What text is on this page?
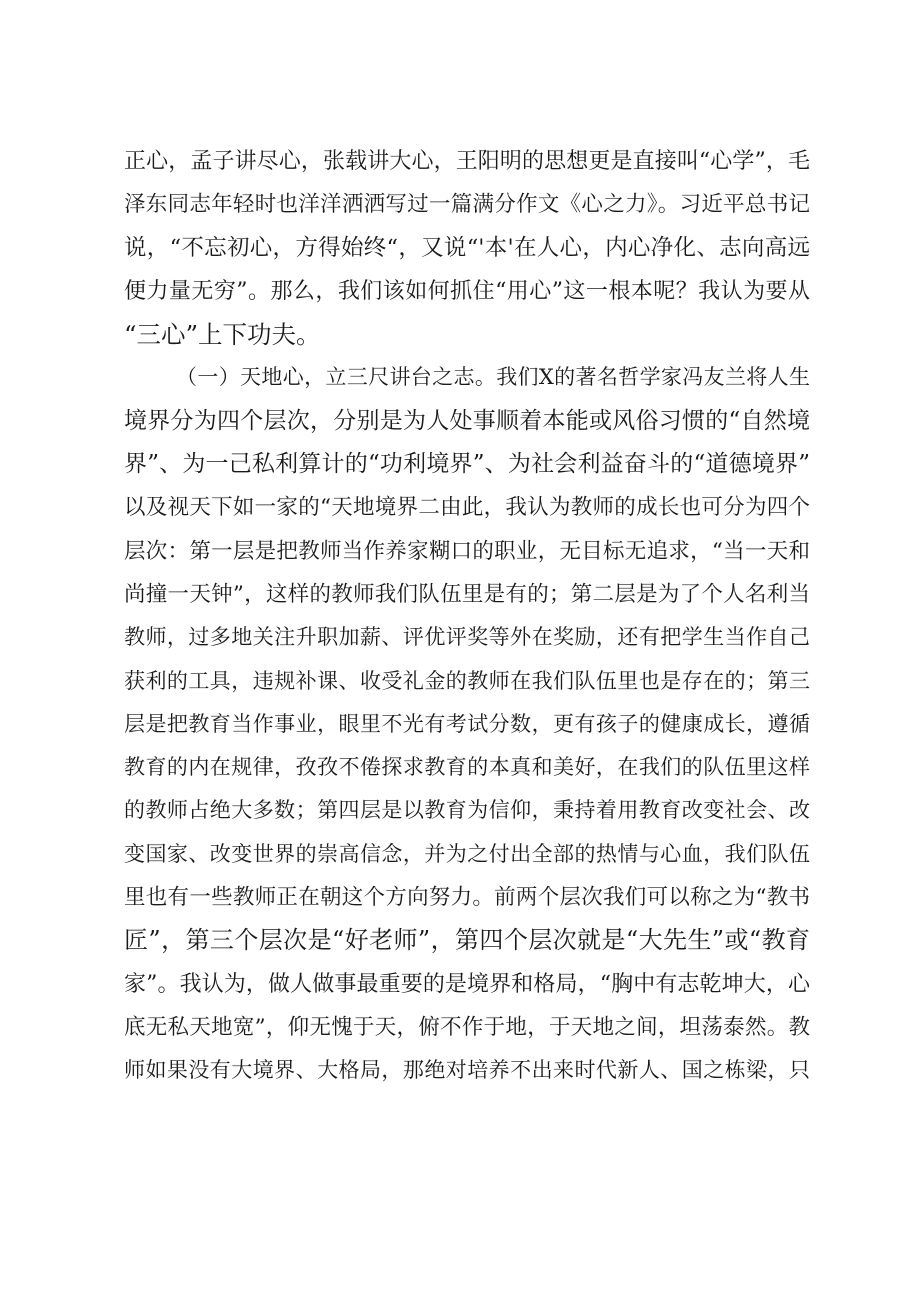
正心，孟子讲尽心，张载讲大心，王阳明的思想更是直接叫“心学”，毛
泽东同志年轻时也洋洋洒洒写过一篇满分作文《心之力》。习近平总书记
说，“不忘初心，方得始终“，又说“'本'在人心，内心净化、志向高远
便力量无穷”。那么，我们该如何抓住“用心”这一根本呢？我认为要从
“三心”上下功夫。
（一）天地心，立三尺讲台之志。我们X的著名哲学家冯友兰将人生
境界分为四个层次，分别是为人处事顺着本能或风俗习惯的“自然境
界”、为一己私利算计的“功利境界”、为社会利益奋斗的“道德境界”
以及视天下如一家的“天地境界二由此，我认为教师的成长也可分为四个
层次：第一层是把教师当作养家糊口的职业，无目标无追求，“当一天和
尚撞一天钟”，这样的教师我们队伍里是有的；第二层是为了个人名利当
教师，过多地关注升职加薪、评优评奖等外在奖励，还有把学生当作自己
获利的工具，违规补课、收受礼金的教师在我们队伍里也是存在的；第三
层是把教育当作事业，眼里不光有考试分数，更有孩子的健康成长，遵循
教育的内在规律，孜孜不倦探求教育的本真和美好，在我们的队伍里这样
的教师占绝大多数；第四层是以教育为信仰，秉持着用教育改变社会、改
变国家、改变世界的崇高信念，并为之付出全部的热情与心血，我们队伍
里也有一些教师正在朝这个方向努力。前两个层次我们可以称之为“教书
匠”，第三个层次是“好老师”，第四个层次就是“大先生”或“教育
家”。我认为，做人做事最重要的是境界和格局，“胸中有志乾坤大，心
底无私天地宽”，仰无愧于天，俯不作于地，于天地之间，坦荡泰然。教
师如果没有大境界、大格局，那绝对培养不出来时代新人、国之栋梁，只
